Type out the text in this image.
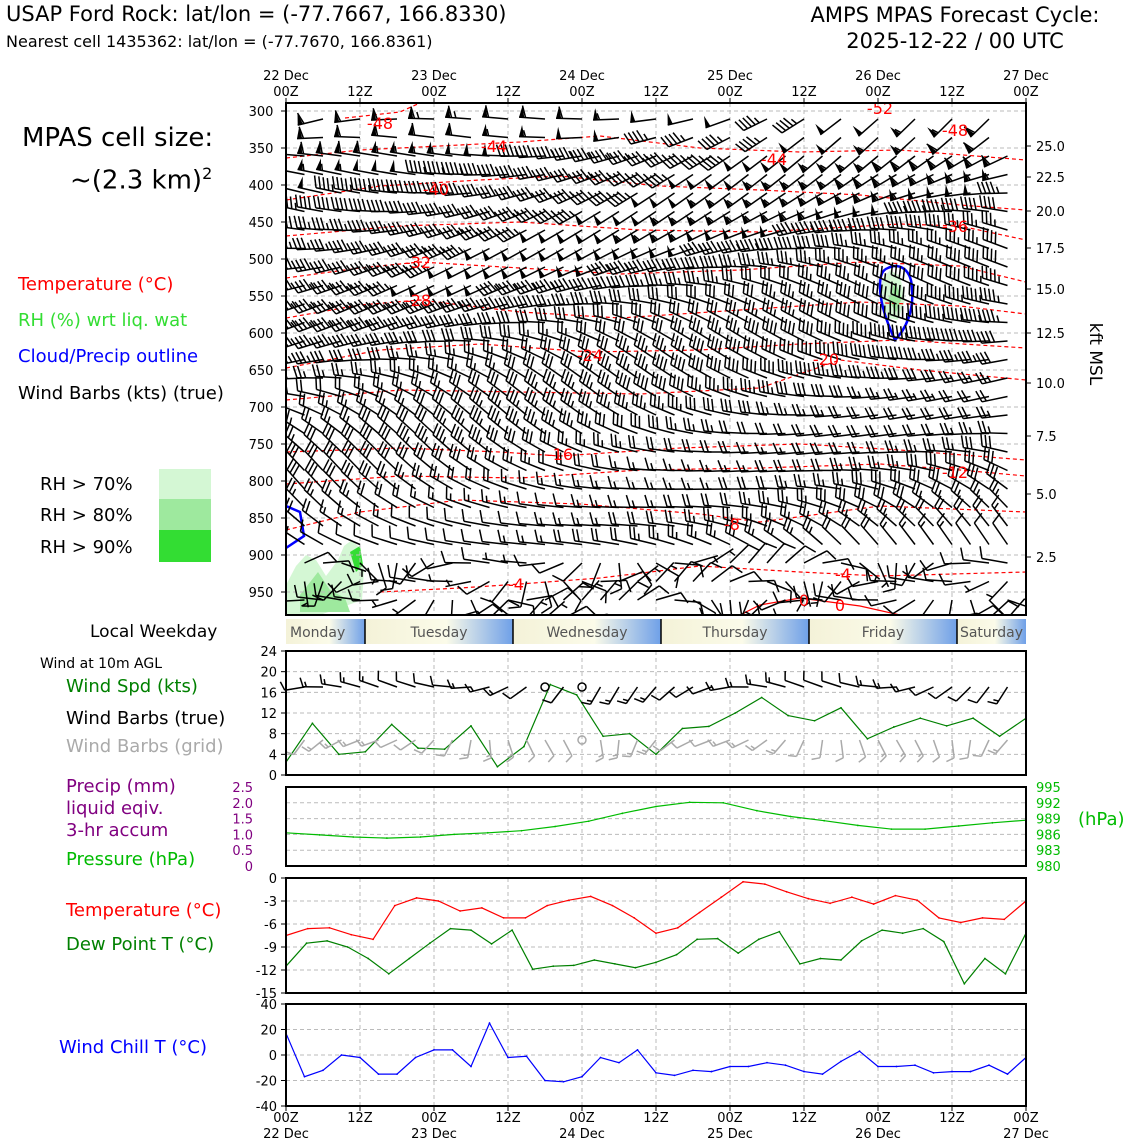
USAP Ford Rock: lat/lon = (-77.7667, 166.8330)
Nearest cell 1435362: lat/lon = (-77.7670, 166.8361)
AMPS MPAS Forecast Cycle:
2025-12-22 / 00 UTC
MPAS cell size:
~(2.3 km)$^2$
Temperature (°C)
RH (%) wrt liq. wat
Cloud/Precip outline
Wind Barbs (kts) (true)
RH > 70%
RH > 80%
RH > 90%
Local Weekday
Wind at 10m AGL
Wind Spd (kts)
Wind Barbs (true)
Wind Barbs (grid)
Precip (mm)
liquid eqiv.
3-hr accum
Pressure (hPa)
Temperature (°C)
Dew Point T (°C)
Wind Chill T (°C)
(hPa)
-48
-44
-40
-44
-48
-52
-36
-32
-28
-24	-20
-16
-12
-8
-4
-4
0 0
300
350
400
450
500
550
600
650
700
750
800
850
900
950
25.0
22.5
20.0
17.5
15.0
12.5
10.0
7.5
5.0
2.5
kft MSL
22 Dec
00Z	12Z
23 Dec
00Z	12Z
24 Dec
00Z	12Z
25 Dec
00Z	12Z
26 Dec
00Z	12Z
27 Dec
00Z
Monday	Tuesday	Wednesday	Thursday	Friday	Saturday
24
20
16
12
8
4
0
2.5
2.0
1.5
1.0
0.5
0
995
992
989
986
983
980
0
-3
-6
-9
-12
-15
40
20
0
-20
-40
00Z
22 Dec
12Z	00Z
23 Dec
12Z	00Z
24 Dec
12Z	00Z
25 Dec
12Z	00Z
26 Dec
12Z	00Z
27 Dec
